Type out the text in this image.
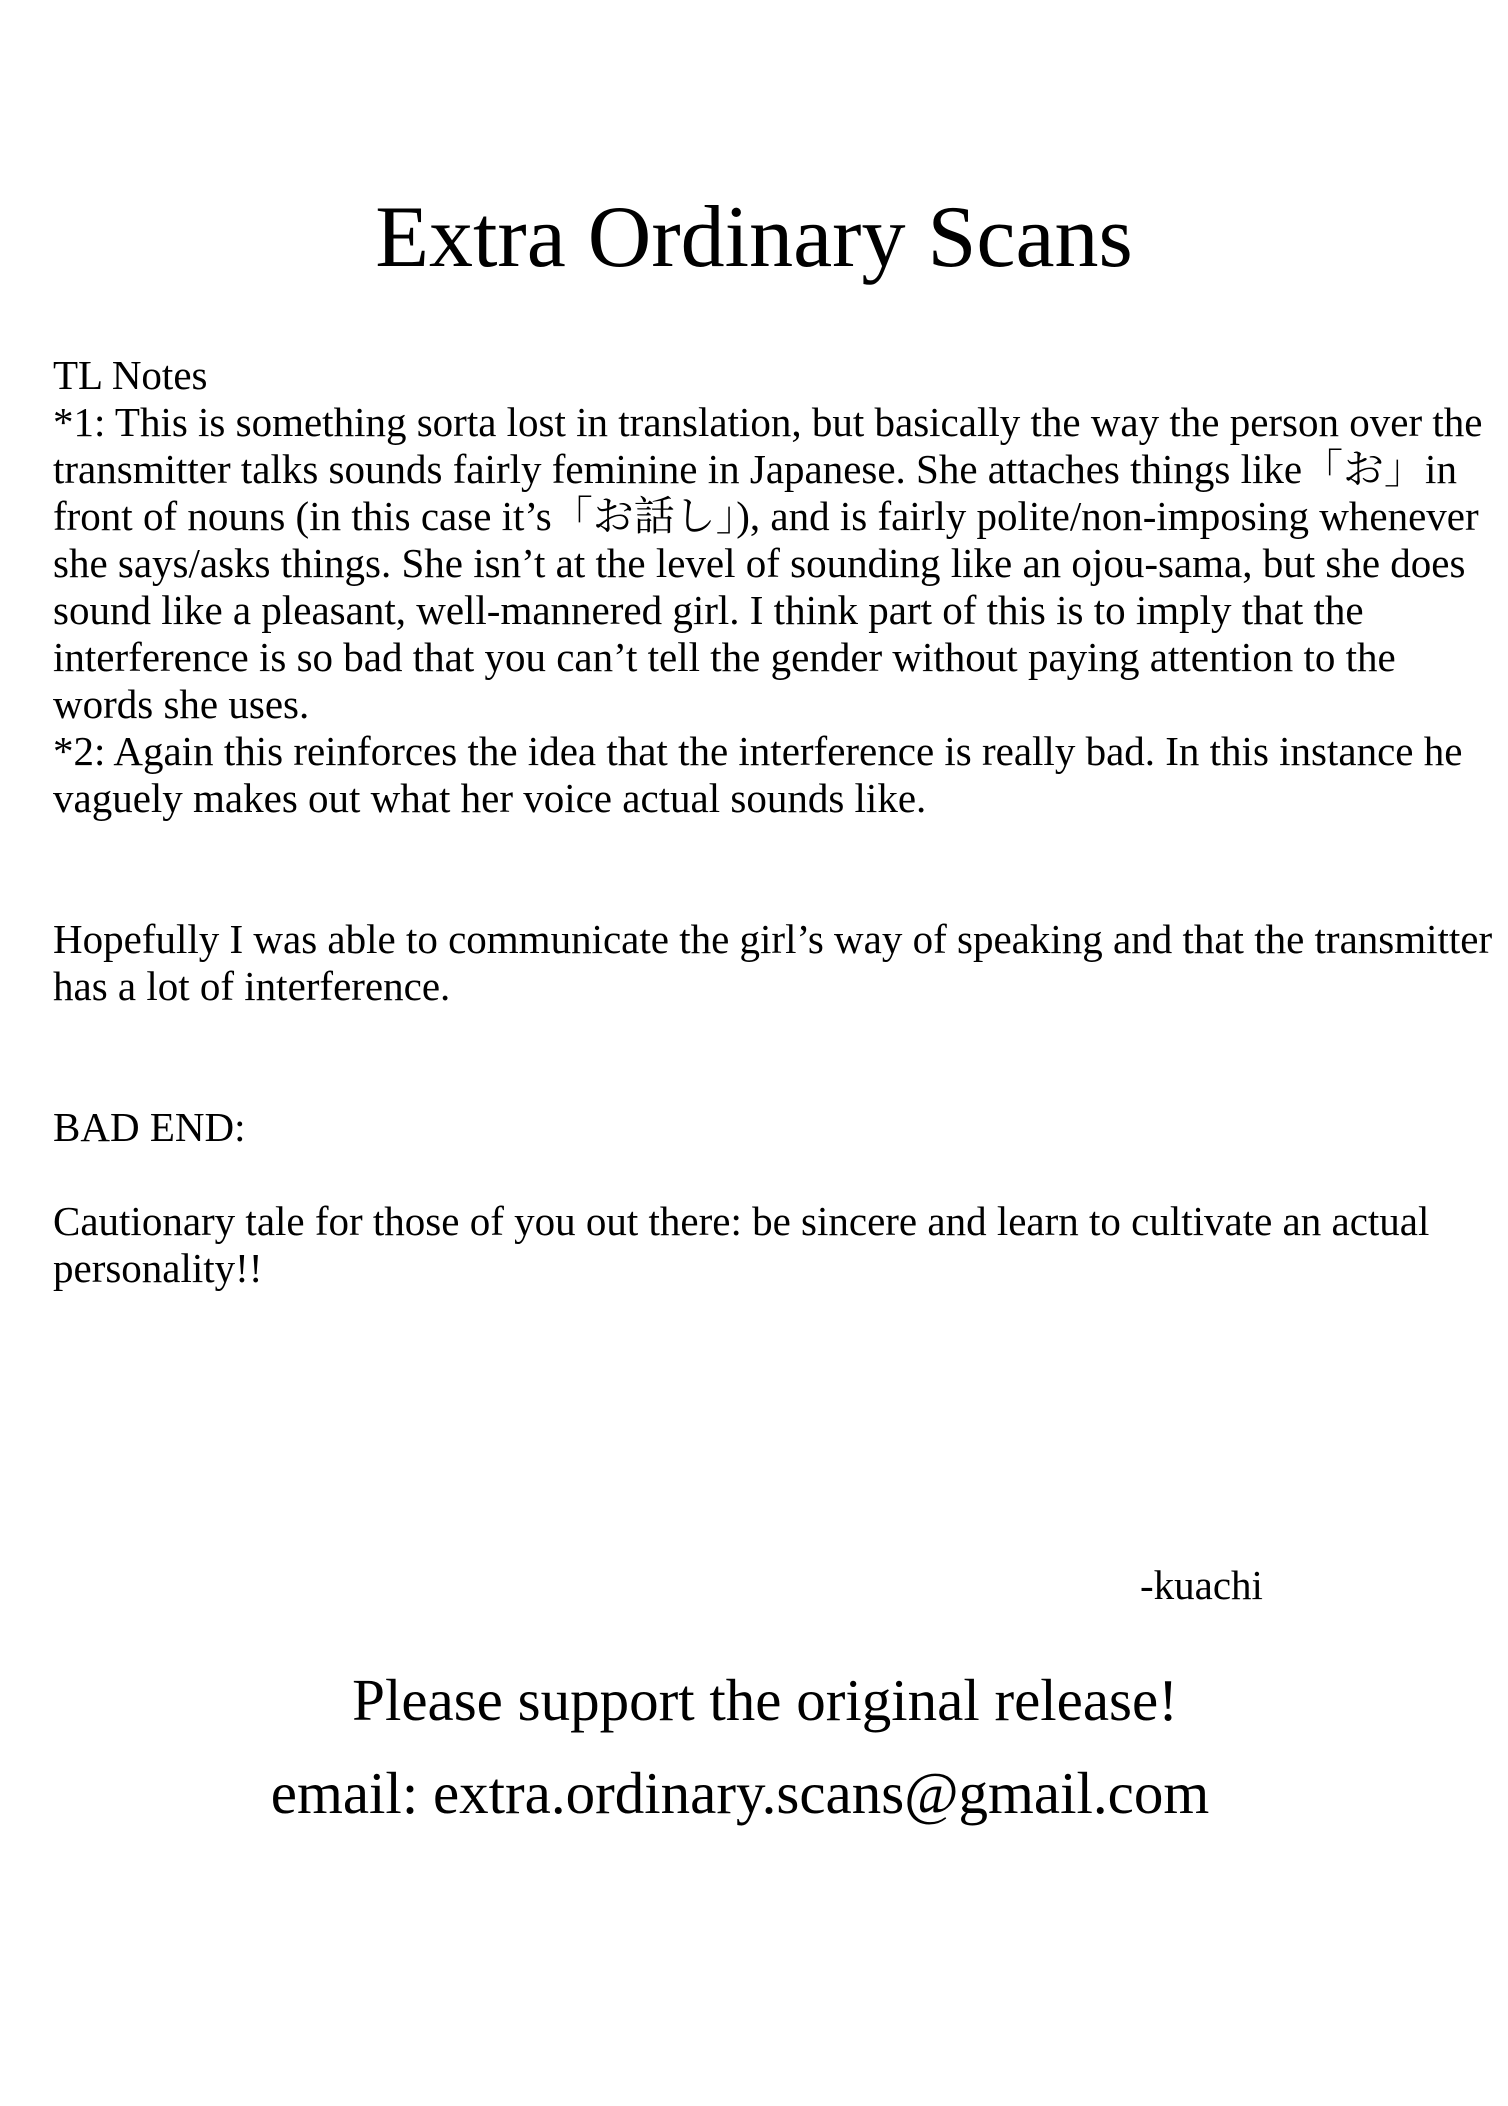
Extra Ordinary Scans

TL Notes

*1: This is something sorta lost in translation, but basically the way the person over the transmitter talks sounds fairly feminine in Japanese. She attaches things like「お」in front of nouns (in this case it’s「お話し」), and is fairly polite/non-imposing whenever she says/asks things. She isn’t at the level of sounding like an ojou-sama, but she does sound like a pleasant, well-mannered girl. I think part of this is to imply that the interference is so bad that you can’t tell the gender without paying attention to the words she uses.

*2: Again this reinforces the idea that the interference is really bad. In this instance he vaguely makes out what her voice actual sounds like.

Hopefully I was able to communicate the girl’s way of speaking and that the transmitter has a lot of interference.

BAD END:

Cautionary tale for those of you out there: be sincere and learn to cultivate an actual personality!!

-kuachi
Please support the original release!
email: extra.ordinary.scans@gmail.com
